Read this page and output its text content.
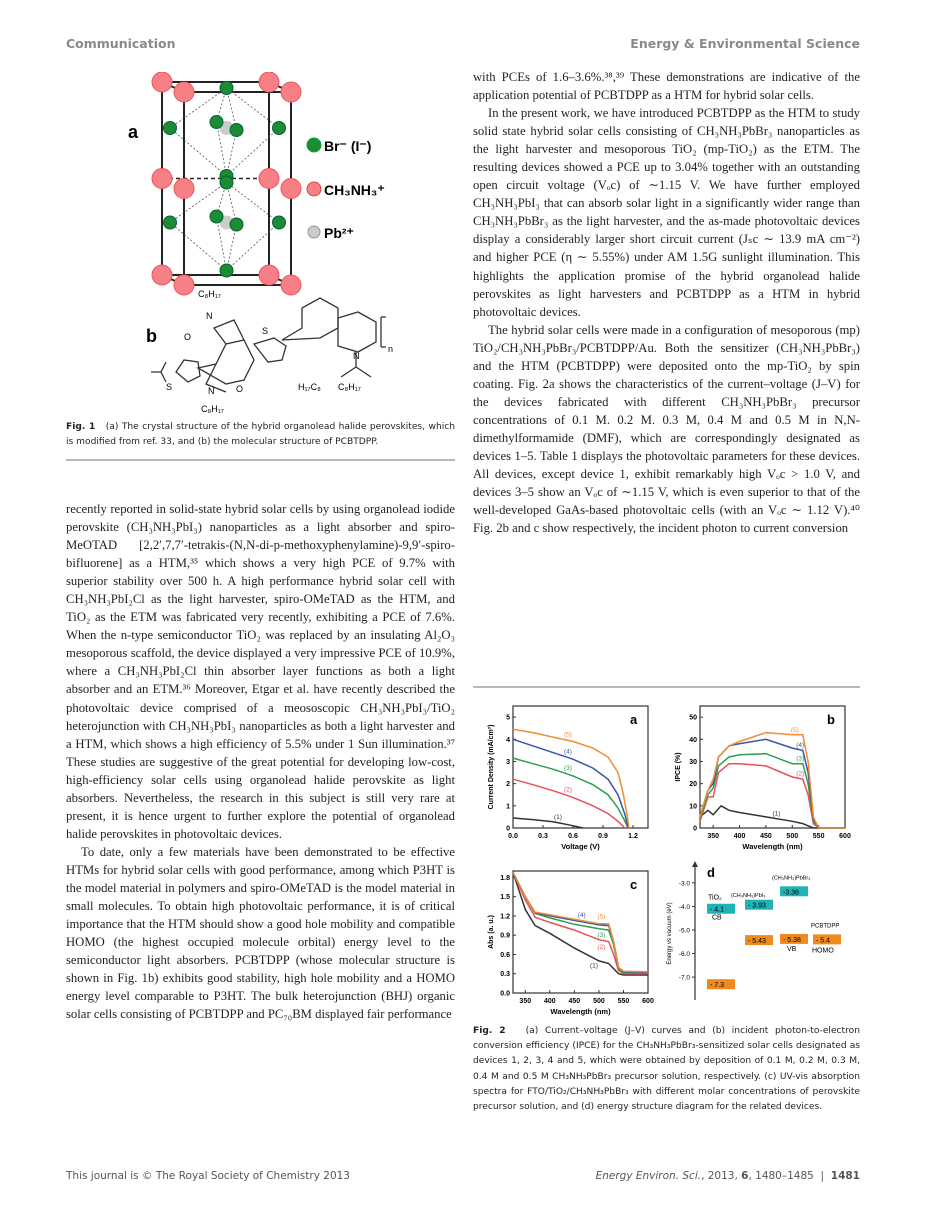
Communication	Energy & Environmental Science
a
Br⁻ (I⁻)
CH₃NH₃⁺
Pb²⁺
b
C₈H₁₇
C₈H₁₇
H₁₇C₈ C₈H₁₇
O
O
N
N
N
S
S
n
Fig. 1 (a) The crystal structure of the hybrid organolead halide perovskites, which is modified from ref. 33, and (b) the molecular structure of PCBTDPP.

recently reported in solid-state hybrid solar cells by using organolead iodide perovskite (CH₃NH₃PbI₃) nanoparticles as a light absorber and spiro-MeOTAD [2,2′,7,7′-tetrakis-(N,N-di-p-methoxyphenylamine)-9,9′-spiro-bifluorene] as a HTM,³⁵ which shows a very high PCE of 9.7% with superior stability over 500 h. A high performance hybrid solar cell with CH₃NH₃PbI₂Cl as the light harvester, spiro-OMeTAD as the HTM, and TiO₂ as the ETM was fabricated very recently, exhibiting a PCE of 7.6%. When the n-type semiconductor TiO₂ was replaced by an insulating Al₂O₃ mesoporous scaffold, the device displayed a very impressive PCE of 10.9%, where a CH₃NH₃PbI₂Cl thin absorber layer functions as both a light absorber and an ETM.³⁶ Moreover, Etgar et al. have recently described the photovoltaic device comprised of a meososcopic CH₃NH₃PbI₃/TiO₂ heterojunction with CH₃NH₃PbI₃ nanoparticles as both a light harvester and a HTM, which shows a high efficiency of 5.5% under 1 Sun illumination.³⁷ These studies are suggestive of the great potential for developing low-cost, high-efficiency solar cells using organolead halide perovskite as light absorbers. Nevertheless, the research in this subject is still very rare at present, it is hence urgent to further explore the potential of organolead halide perovskites in photovoltaic devices.

To date, only a few materials have been demonstrated to be effective HTMs for hybrid solar cells with good performance, among which P3HT is the model material in polymers and spiro-OMeTAD is the model material in small molecules. To obtain high photovoltaic performance, it is of critical importance that the HTM should show a good hole mobility and compatible HOMO (the highest occupied molecule orbital) energy level to the semiconductor light absorbers. PCBTDPP (whose molecular structure is shown in Fig. 1b) exhibits good stability, high hole mobility and a HOMO energy level comparable to P3HT. The bulk heterojunction (BHJ) organic solar cells consisting of PCBTDPP and PC₇₀BM displayed fair performance

with PCEs of 1.6–3.6%.³⁸,³⁹ These demonstrations are indicative of the application potential of PCBTDPP as a HTM for hybrid solar cells.

In the present work, we have introduced PCBTDPP as the HTM to study solid state hybrid solar cells consisting of CH₃NH₃PbBr₃ nanoparticles as the light harvester and mesoporous TiO₂ (mp-TiO₂) as the ETM. The resulting devices showed a PCE up to 3.04% together with an outstanding open circuit voltage (Vₒc) of ∼1.15 V. We have further employed CH₃NH₃PbI₃ that can absorb solar light in a significantly wider range than CH₃NH₃PbBr₃ as the light harvester, and the as-made photovoltaic devices display a considerably larger short circuit current (Jₛc ∼ 13.9 mA cm⁻²) and higher PCE (η ∼ 5.55%) under AM 1.5G sunlight illumination. This highlights the application promise of the hybrid organolead halide perovskites as light harvesters and PCBTDPP as a HTM in hybrid photovoltaic devices.

The hybrid solar cells were made in a configuration of mesoporous (mp) TiO₂/CH₃NH₃PbBr₃/PCBTDPP/Au. Both the sensitizer (CH₃NH₃PbBr₃) and the HTM (PCBTDPP) were deposited onto the mp-TiO₂ by spin coating. Fig. 2a shows the characteristics of the current–voltage (J–V) for the devices fabricated with different CH₃NH₃PbBr₃ precursor concentrations of 0.1 M. 0.2 M. 0.3 M, 0.4 M and 0.5 M in N,N-dimethylformamide (DMF), which are correspondingly designated as devices 1–5. Table 1 displays the photovoltaic parameters for these devices. All devices, except device 1, exhibit remarkably high Vₒc > 1.0 V, and devices 3–5 show an Vₒc of ∼1.15 V, which is even superior to that of the well-developed GaAs-based photovoltaic cells (with an Vₒc ∼ 1.12 V).⁴⁰ Fig. 2b and c show respectively, the incident photon to current conversion

0.0	0.3	0.6	0.9	1.2
0
1
2
3
4
5
Voltage (V)
Current Density (mA/cm²)
a
(1)
(2)
(3)
(4)
(5)
350 400 450 500 550 600
0
10
20
30
40
50
Wavelength (nm)
IPCE (%)
b
(1)
(2)
(3)
(4)
(5)
350 400 450 500 550 600
0.0
0.3
0.6
0.9
1.2
1.5
1.8
Wavelength (nm)
Abs (a. u.)
c
(1)
(2)
(3)
(4) (5)
-3.0
-4.0
-5.0
-6.0
-7.0
Energy vs vacuum (eV)
d
- 4.1
- 7.3
- 3.93
- 5.43
-3.36
- 5.38 - 5.4
TiO₂
CB
(CH₃NH₃)PbI₃
(CH₃NH₃)PbBr₃
VB
PCBTDPP
HOMO
Fig. 2 (a) Current–voltage (J–V) curves and (b) incident photon-to-electron conversion efficiency (IPCE) for the CH₃NH₃PbBr₃-sensitized solar cells designated as devices 1, 2, 3, 4 and 5, which were obtained by deposition of 0.1 M, 0.2 M, 0.3 M, 0.4 M and 0.5 M CH₃NH₃PbBr₃ precursor solution, respectively. (c) UV-vis absorption spectra for FTO/TiO₂/CH₃NH₃PbBr₃ with different molar concentrations of perovskite precursor solution, and (d) energy structure diagram for the related devices.
This journal is © The Royal Society of Chemistry 2013	Energy Environ. Sci., 2013, 6, 1480–1485 | 1481
